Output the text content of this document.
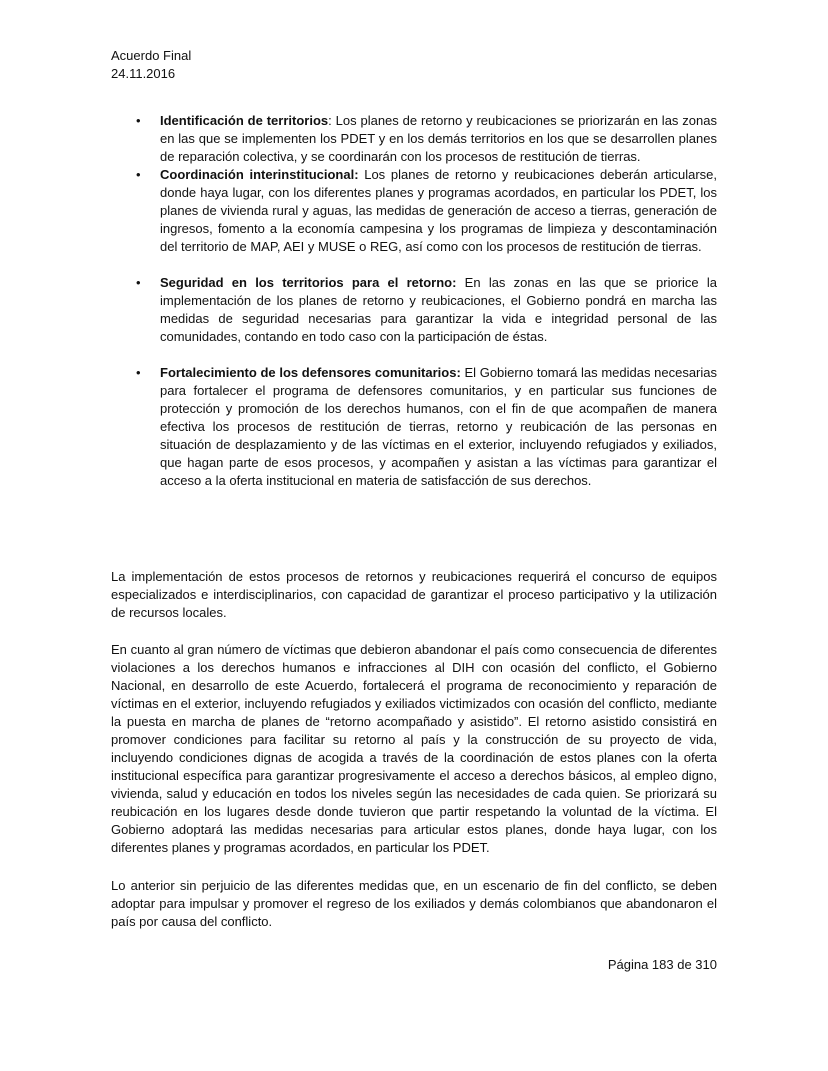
Acuerdo Final
24.11.2016
• Identificación de territorios: Los planes de retorno y reubicaciones se priorizarán en las zonas en las que se implementen los PDET y en los demás territorios en los que se desarrollen planes de reparación colectiva, y se coordinarán con los procesos de restitución de tierras.
• Coordinación interinstitucional: Los planes de retorno y reubicaciones deberán articularse, donde haya lugar, con los diferentes planes y programas acordados, en particular los PDET, los planes de vivienda rural y aguas, las medidas de generación de acceso a tierras, generación de ingresos, fomento a la economía campesina y los programas de limpieza y descontaminación del territorio de MAP, AEI y MUSE o REG, así como con los procesos de restitución de tierras.
• Seguridad en los territorios para el retorno: En las zonas en las que se priorice la implementación de los planes de retorno y reubicaciones, el Gobierno pondrá en marcha las medidas de seguridad necesarias para garantizar la vida e integridad personal de las comunidades, contando en todo caso con la participación de éstas.
• Fortalecimiento de los defensores comunitarios: El Gobierno tomará las medidas necesarias para fortalecer el programa de defensores comunitarios, y en particular sus funciones de protección y promoción de los derechos humanos, con el fin de que acompañen de manera efectiva los procesos de restitución de tierras, retorno y reubicación de las personas en situación de desplazamiento y de las víctimas en el exterior, incluyendo refugiados y exiliados, que hagan parte de esos procesos, y acompañen y asistan a las víctimas para garantizar el acceso a la oferta institucional en materia de satisfacción de sus derechos.

La implementación de estos procesos de retornos y reubicaciones requerirá el concurso de equipos especializados e interdisciplinarios, con capacidad de garantizar el proceso participativo y la utilización de recursos locales.

En cuanto al gran número de víctimas que debieron abandonar el país como consecuencia de diferentes violaciones a los derechos humanos e infracciones al DIH con ocasión del conflicto, el Gobierno Nacional, en desarrollo de este Acuerdo, fortalecerá el programa de reconocimiento y reparación de víctimas en el exterior, incluyendo refugiados y exiliados victimizados con ocasión del conflicto, mediante la puesta en marcha de planes de “retorno acompañado y asistido”. El retorno asistido consistirá en promover condiciones para facilitar su retorno al país y la construcción de su proyecto de vida, incluyendo condiciones dignas de acogida a través de la coordinación de estos planes con la oferta institucional específica para garantizar progresivamente el acceso a derechos básicos, al empleo digno, vivienda, salud y educación en todos los niveles según las necesidades de cada quien. Se priorizará su reubicación en los lugares desde donde tuvieron que partir respetando la voluntad de la víctima. El Gobierno adoptará las medidas necesarias para articular estos planes, donde haya lugar, con los diferentes planes y programas acordados, en particular los PDET.

Lo anterior sin perjuicio de las diferentes medidas que, en un escenario de fin del conflicto, se deben adoptar para impulsar y promover el regreso de los exiliados y demás colombianos que abandonaron el país por causa del conflicto.

Página 183 de 310
